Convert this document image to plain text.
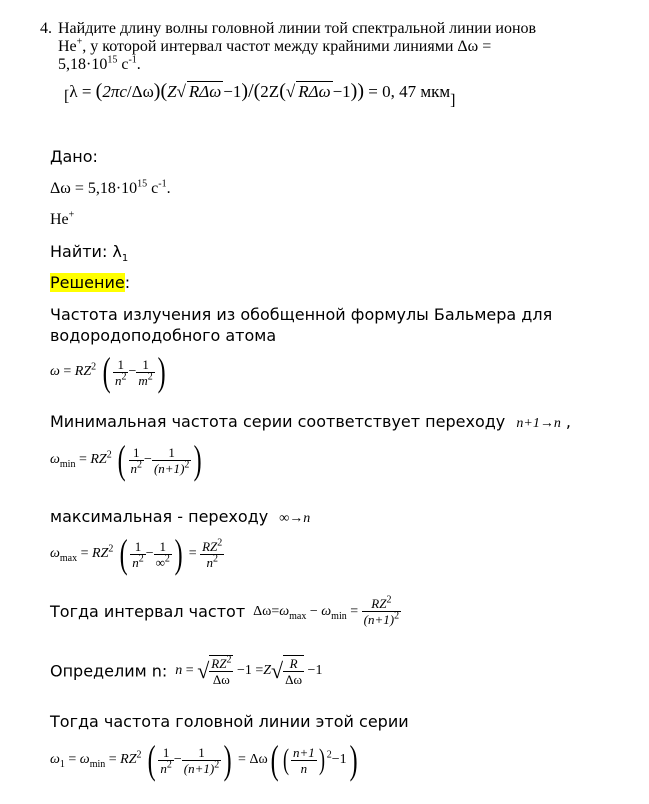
4. Найдите длину волны головной линии той спектральной линии ионов

He+, у которой интервал частот между крайними линиями Δω =

$5,18\cdot 10^{15}$ $с^{-1}$.

[λ = (2πc/Δω)(Z√ RΔω −1)/(2Z(√ RΔω −1)) = 0, 47 мкм]
Дано:
$\Delta\omega = 5,18\cdot 10^{15}$ $с^{-1}$.
He+
Найти: $\lambda_1$
Решение:
Частота излучения из обобщенной формулы Бальмера для
водородоподобного атома
$\omega = RZ^2$ ( $\frac{1}{n^2} - \frac{1}{m^2}$ )
Минимальная частота серии соответствует переходу n+1→n ,
$\omega_{min} = RZ^2$ ( $\frac{1}{n^2} - \frac{1}{(n+1)^2}$ )
максимальная - переходу ∞→n
$\omega_{max} = RZ^2$ ( $\frac{1}{n^2} - \frac{1}{\infty^2}$ ) = $\frac{RZ^2}{n^2}$
Тогда интервал частот $\Delta\omega=\omega_{max} - \omega_{min} = \frac{RZ^2}{(n+1)^2}$
Определим n: n = √ $\frac{RZ^2}{\Delta\omega} -1 =Z√ \frac{R}{\Delta\omega} -1$
Тогда частота головной линии этой серии
$\omega_1 = \omega_{min} = RZ^2$ ( $\frac{1}{n^2} - \frac{1}{(n+1)^2}$ ) = Δω( ( $\frac{n+1}{n}$ ) $^2$−1)
